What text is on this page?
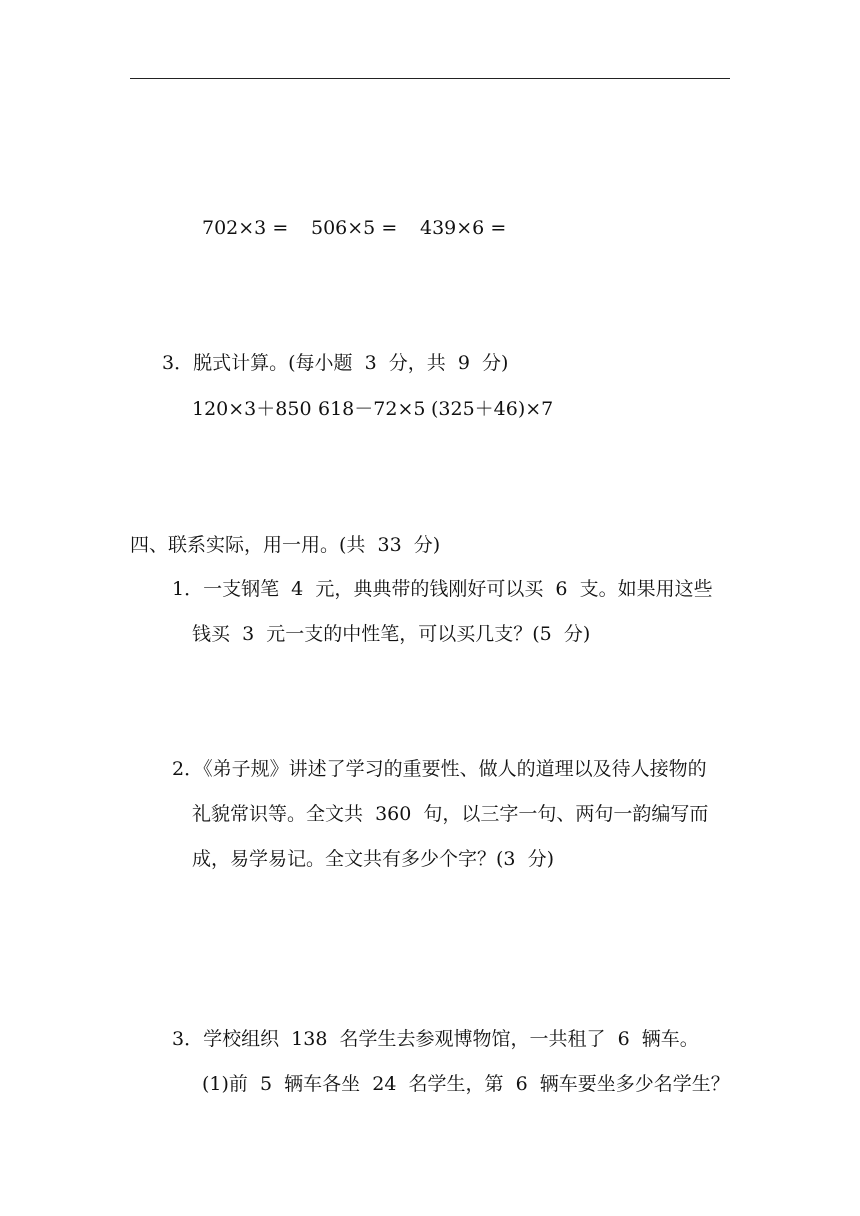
702×3 = 506×5 = 439×6 =
3．脱式计算。(每小题  3  分，共  9  分)
120×3＋850 618－72×5 (325＋46)×7
四、联系实际，用一用。(共  33  分)
1．一支钢笔  4  元，典典带的钱刚好可以买  6  支。如果用这些
钱买  3  元一支的中性笔，可以买几支？(5  分)
2．《弟子规》讲述了学习的重要性、做人的道理以及待人接物的
礼貌常识等。全文共  360  句，以三字一句、两句一韵编写而
成，易学易记。全文共有多少个字？(3  分)
3．学校组织  138  名学生去参观博物馆，一共租了  6  辆车。
(1)前  5  辆车各坐  24  名学生，第  6  辆车要坐多少名学生？
